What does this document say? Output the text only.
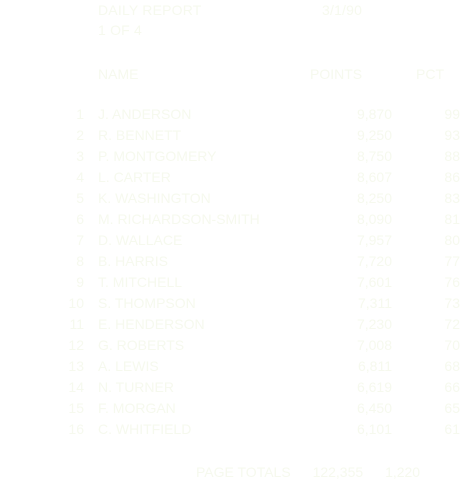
DAILY REPORT	3/1/90
1 OF 4
NAME	POINTS	PCT
1 J. ANDERSON	9,870	99
2 R. BENNETT	9,250	93
3 P. MONTGOMERY	8,750	88
4 L. CARTER	8,607	86
5 K. WASHINGTON	8,250	83
6 M. RICHARDSON-SMITH	8,090	81
7 D. WALLACE	7,957	80
8 B. HARRIS	7,720	77
9 T. MITCHELL	7,601	76
10 S. THOMPSON	7,311	73
11 E. HENDERSON	7,230	72
12 G. ROBERTS	7,008	70
13 A. LEWIS	6,811	68
14 N. TURNER	6,619	66
15 F. MORGAN	6,450	65
16 C. WHITFIELD	6,101	61
PAGE TOTALS 122,355 1,220
